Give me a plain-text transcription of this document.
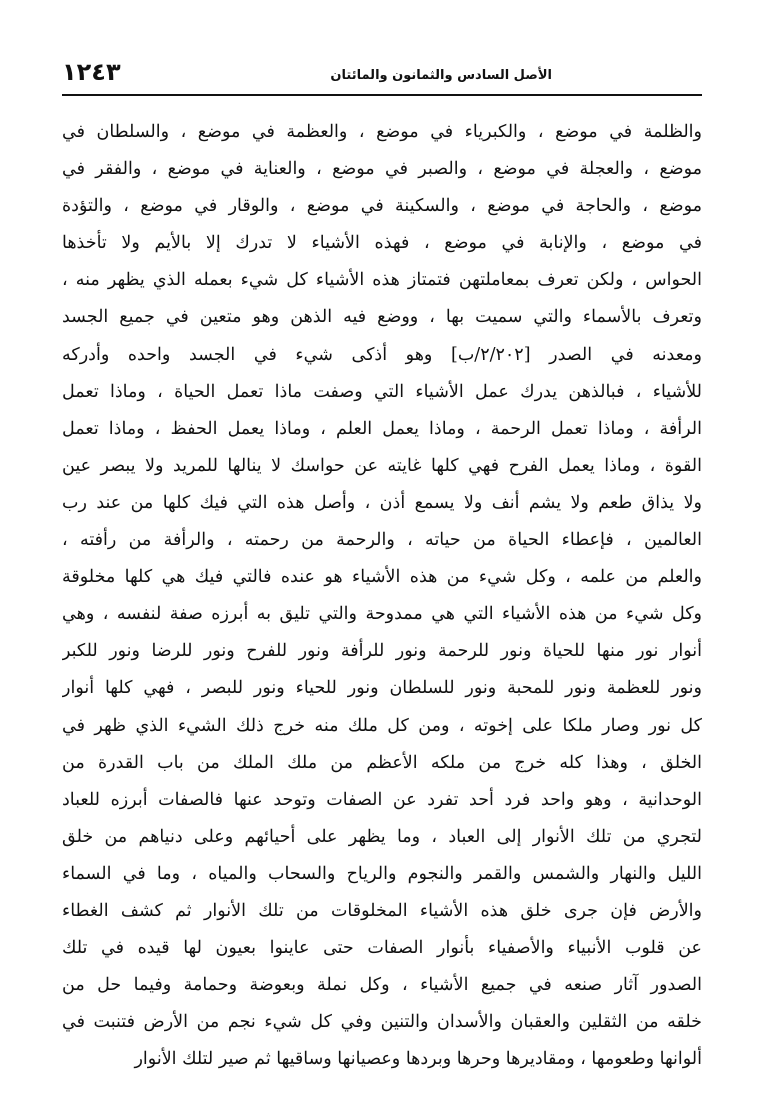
الأصل السادس والثمانون والمائتان
١٢٤٣
والظلمة في موضع ، والكبرياء في موضع ، والعظمة في موضع ، والسلطان في
موضع ، والعجلة في موضع ، والصبر في موضع ، والعناية في موضع ، والفقر في
موضع ، والحاجة في موضع ، والسكينة في موضع ، والوقار في موضع ، والتؤدة
في موضع ، والإنابة في موضع ، فهذه الأشياء لا تدرك إلا بالأيم ولا تأخذها
الحواس ، ولكن تعرف بمعاملتهن فتمتاز هذه الأشياء كل شيء بعمله الذي يظهر منه ،
وتعرف بالأسماء والتي سميت بها ، ووضع فيه الذهن وهو متعين في جميع الجسد
ومعدنه في الصدر [٢/٢٠٢/ب] وهو أذكى شيء في الجسد واحده وأدركه
للأشياء ، فبالذهن يدرك عمل الأشياء التي وصفت ماذا تعمل الحياة ، وماذا تعمل
الرأفة ، وماذا تعمل الرحمة ، وماذا يعمل العلم ، وماذا يعمل الحفظ ، وماذا تعمل
القوة ، وماذا يعمل الفرح فهي كلها غايته عن حواسك لا ينالها للمريد ولا يبصر عين
ولا يذاق طعم ولا يشم أنف ولا يسمع أذن ، وأصل هذه التي فيك كلها من عند رب
العالمين ، فإعطاء الحياة من حياته ، والرحمة من رحمته ، والرأفة من رأفته ،
والعلم من علمه ، وكل شيء من هذه الأشياء هو عنده فالتي فيك هي كلها مخلوقة
وكل شيء من هذه الأشياء التي هي ممدوحة والتي تليق به أبرزه صفة لنفسه ، وهي
أنوار نور منها للحياة ونور للرحمة ونور للرأفة ونور للفرح ونور للرضا ونور للكبر
ونور للعظمة ونور للمحبة ونور للسلطان ونور للحياء ونور للبصر ، فهي كلها أنوار
كل نور وصار ملكا على إخوته ، ومن كل ملك منه خرج ذلك الشيء الذي ظهر في
الخلق ، وهذا كله خرج من ملكه الأعظم من ملك الملك من باب القدرة من
الوحدانية ، وهو واحد فرد أحد تفرد عن الصفات وتوحد عنها فالصفات أبرزه للعباد
لتجري من تلك الأنوار إلى العباد ، وما يظهر على أحيائهم وعلى دنياهم من خلق
الليل والنهار والشمس والقمر والنجوم والرياح والسحاب والمياه ، وما في السماء
والأرض فإن جرى خلق هذه الأشياء المخلوقات من تلك الأنوار ثم كشف الغطاء
عن قلوب الأنبياء والأصفياء بأنوار الصفات حتى عاينوا بعيون لها قيده في تلك
الصدور آثار صنعه في جميع الأشياء ، وكل نملة وبعوضة وحمامة وفيما حل من
خلقه من الثقلين والعقبان والأسدان والتنين وفي كل شيء نجم من الأرض فتنبت في
ألوانها وطعومها ، ومقاديرها وحرها وبردها وعصيانها وساقيها ثم صير لتلك الأنوار
